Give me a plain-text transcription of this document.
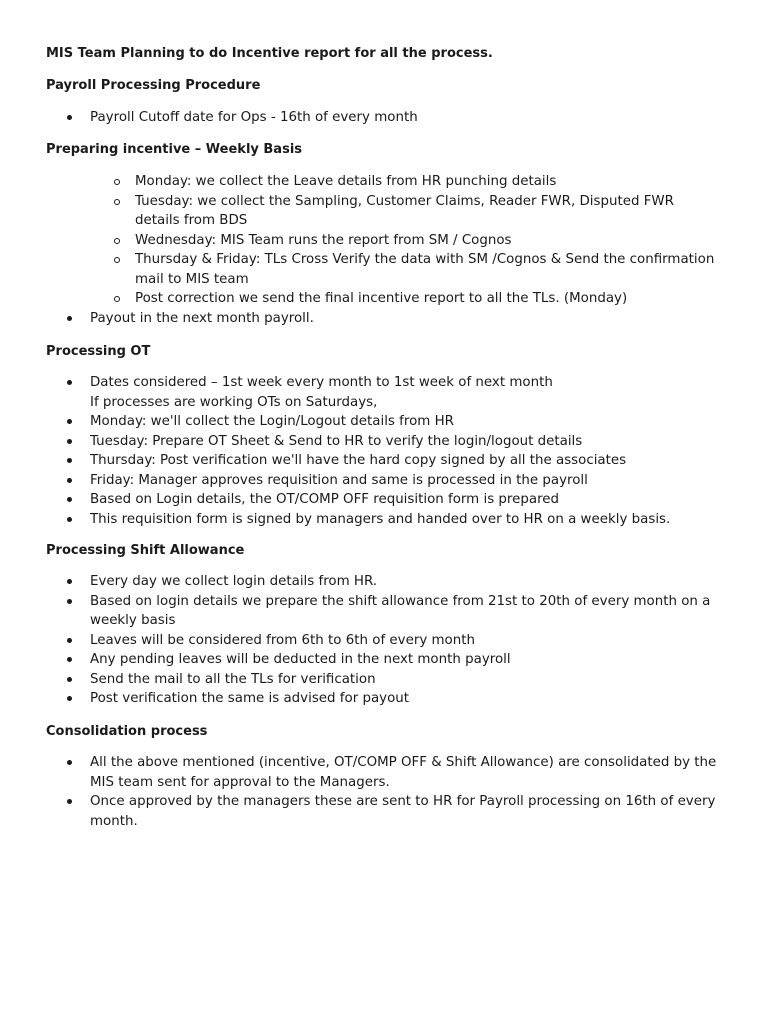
MIS Team Planning to do Incentive report for all the process.
Payroll Processing Procedure
Payroll Cutoff date for Ops - 16th of every month
Preparing incentive – Weekly Basis
Monday: we collect the Leave details from HR punching details
Tuesday: we collect the Sampling, Customer Claims, Reader FWR, Disputed FWR details from BDS
Wednesday: MIS Team runs the report from SM / Cognos
Thursday & Friday: TLs Cross Verify the data with SM /Cognos & Send the confirmation mail to MIS team
Post correction we send the final incentive report to all the TLs. (Monday)
Payout in the next month payroll.
Processing OT
Dates considered – 1st week every month to 1st week of next month
If processes are working OTs on Saturdays,
Monday: we'll collect the Login/Logout details from HR
Tuesday: Prepare OT Sheet & Send to HR to verify the login/logout details
Thursday: Post verification we'll have the hard copy signed by all the associates
Friday: Manager approves requisition and same is processed in the payroll
Based on Login details, the OT/COMP OFF requisition form is prepared
This requisition form is signed by managers and handed over to HR on a weekly basis.
Processing Shift Allowance
Every day we collect login details from HR.
Based on login details we prepare the shift allowance from 21st to 20th of every month on a weekly basis
Leaves will be considered from 6th to 6th of every month
Any pending leaves will be deducted in the next month payroll
Send the mail to all the TLs for verification
Post verification the same is advised for payout
Consolidation process
All the above mentioned (incentive, OT/COMP OFF & Shift Allowance) are consolidated by the MIS team sent for approval to the Managers.
Once approved by the managers these are sent to HR for Payroll processing on 16th of every month.
